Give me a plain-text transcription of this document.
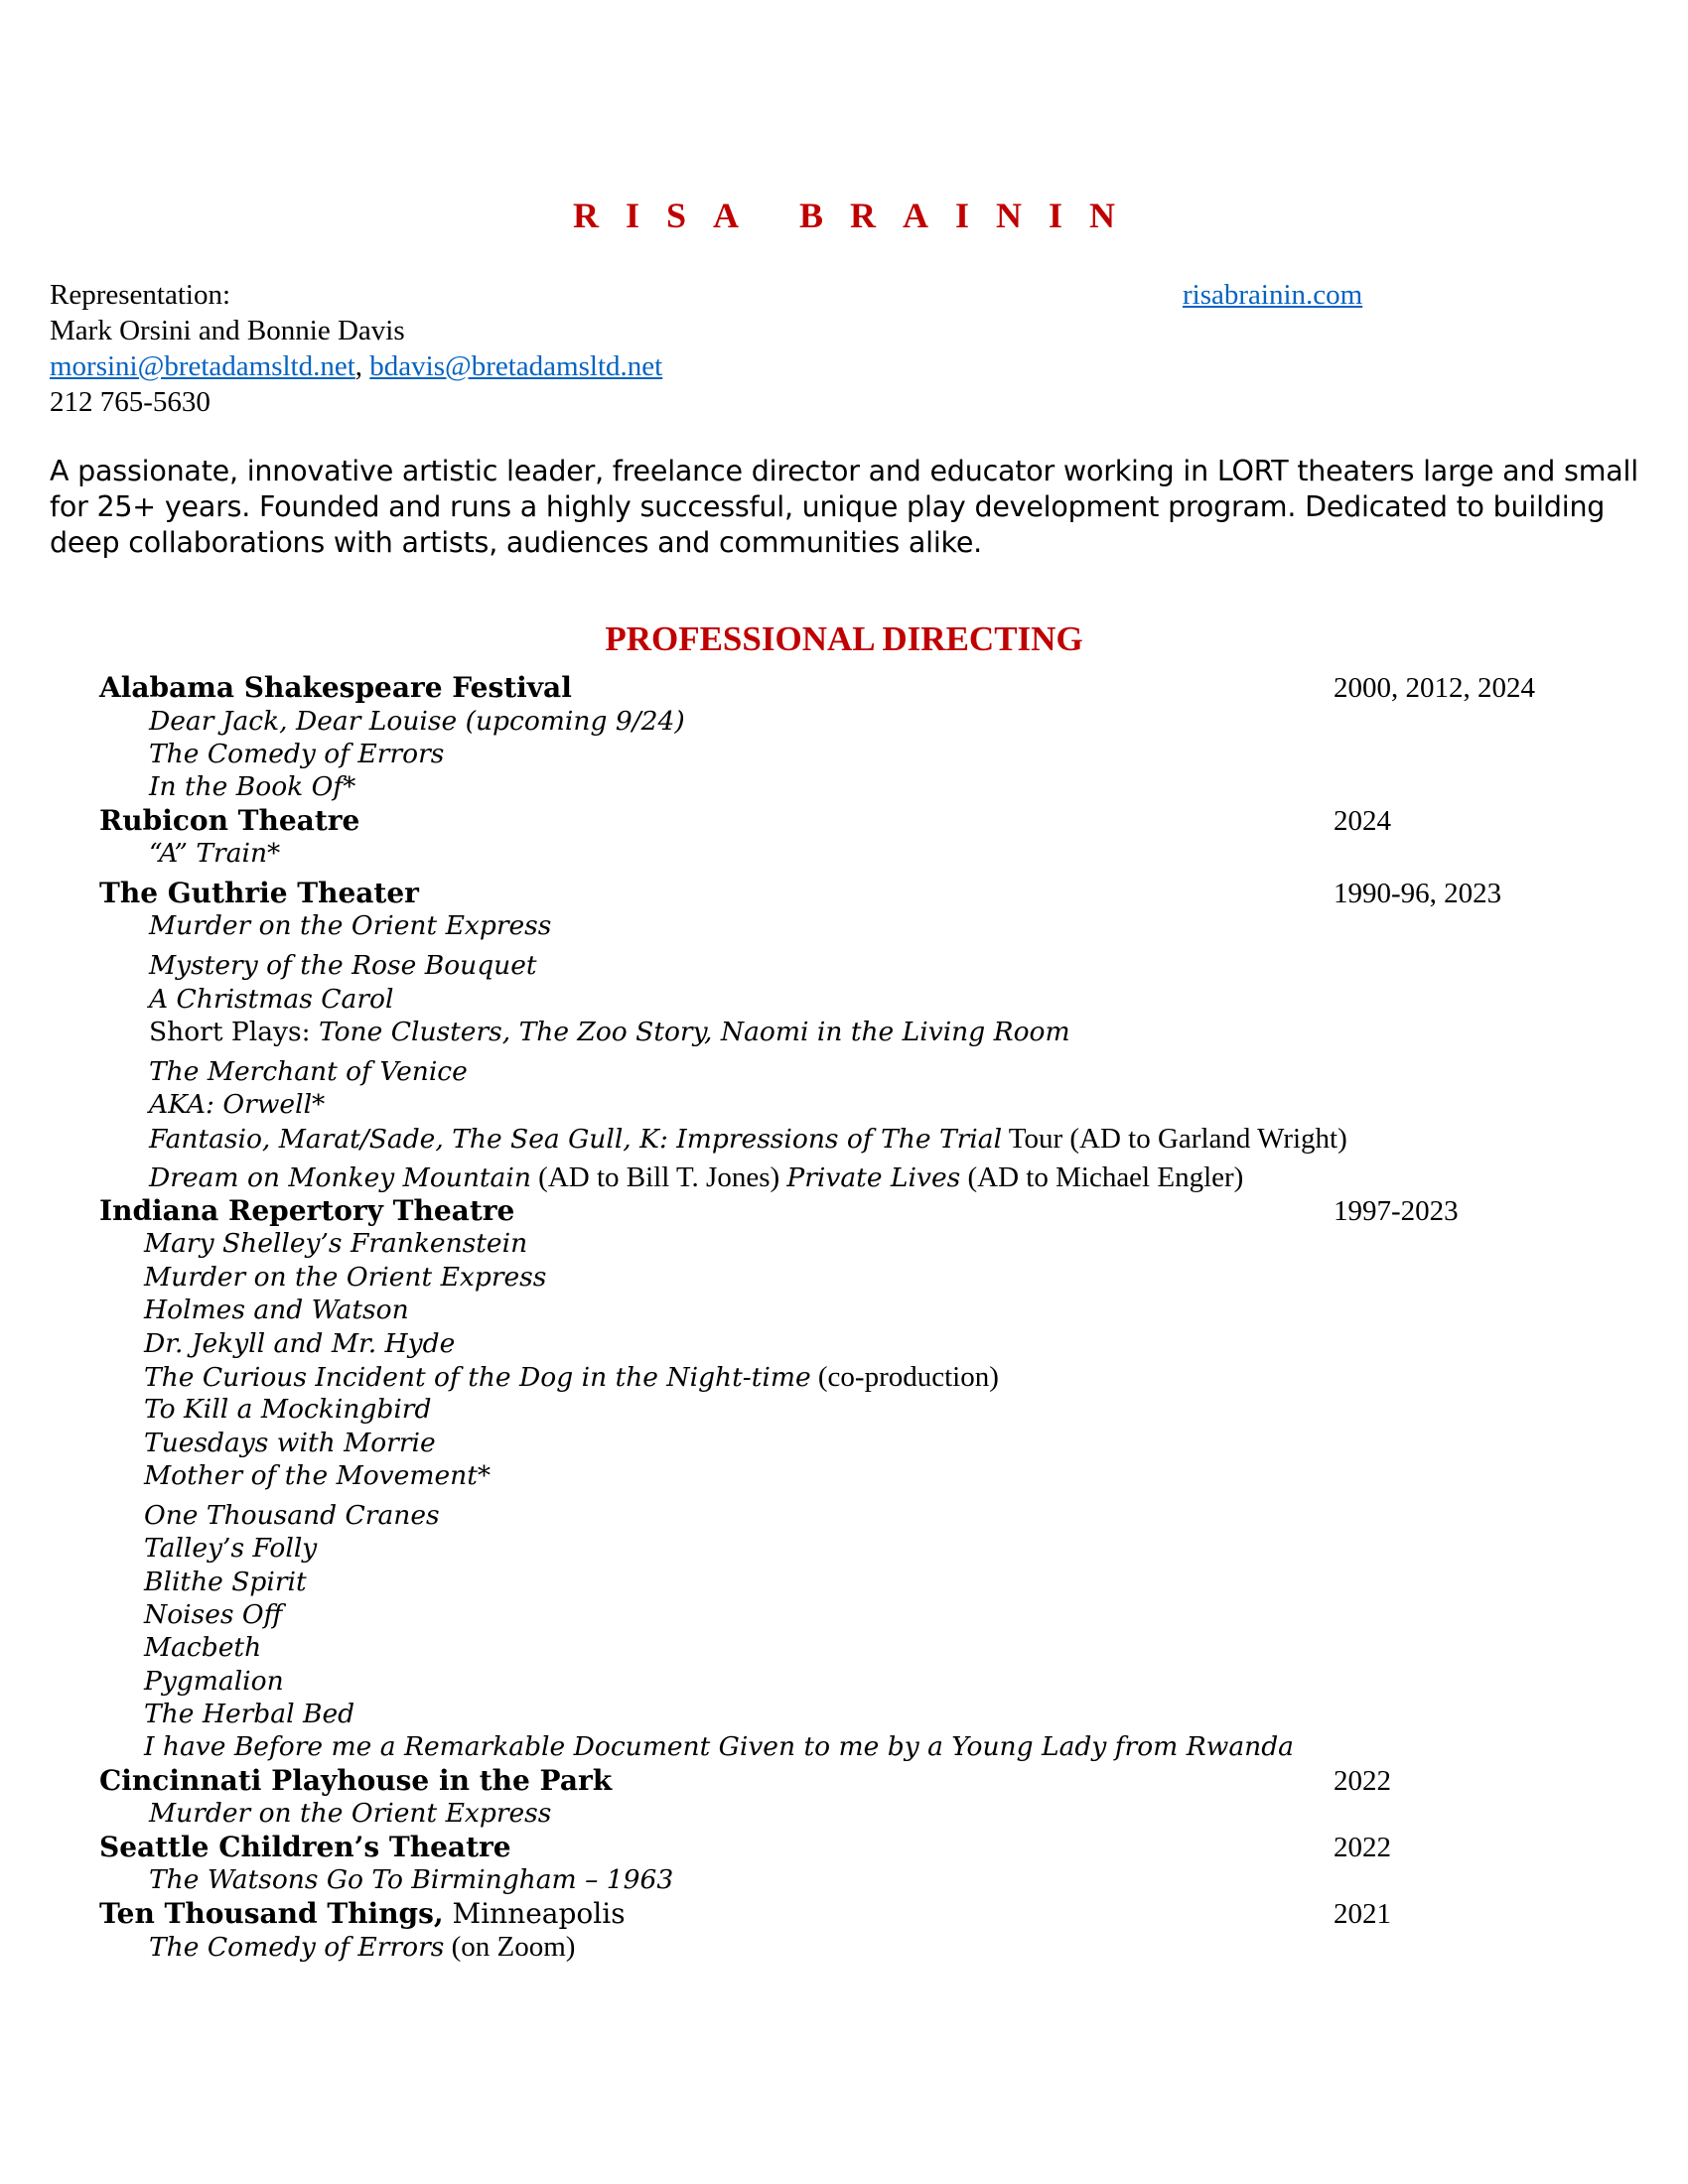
RISA BRAININ
Representation:
Mark Orsini and Bonnie Davis
morsini@bretadamsltd.net, bdavis@bretadamsltd.net
212 765-5630
risabrainin.com
A passionate, innovative artistic leader, freelance director and educator working in LORT theaters large and small for 25+ years. Founded and runs a highly successful, unique play development program. Dedicated to building deep collaborations with artists, audiences and communities alike.
PROFESSIONAL DIRECTING
Alabama Shakespeare Festival	2000, 2012, 2024
Dear Jack, Dear Louise (upcoming 9/24)
The Comedy of Errors
In the Book Of*
Rubicon Theatre	2024
“A” Train*
The Guthrie Theater	1990-96, 2023
Murder on the Orient Express
Mystery of the Rose Bouquet
A Christmas Carol
Short Plays: Tone Clusters, The Zoo Story, Naomi in the Living Room
The Merchant of Venice
AKA: Orwell*
Fantasio, Marat/Sade, The Sea Gull, K: Impressions of The Trial Tour (AD to Garland Wright)
Dream on Monkey Mountain (AD to Bill T. Jones) Private Lives (AD to Michael Engler)
Indiana Repertory Theatre	1997-2023
Mary Shelley’s Frankenstein
Murder on the Orient Express
Holmes and Watson
Dr. Jekyll and Mr. Hyde
The Curious Incident of the Dog in the Night-time (co-production)
To Kill a Mockingbird
Tuesdays with Morrie
Mother of the Movement*
One Thousand Cranes
Talley’s Folly
Blithe Spirit
Noises Off
Macbeth
Pygmalion
The Herbal Bed
I have Before me a Remarkable Document Given to me by a Young Lady from Rwanda
Cincinnati Playhouse in the Park	2022
Murder on the Orient Express
Seattle Children’s Theatre	2022
The Watsons Go To Birmingham – 1963
Ten Thousand Things, Minneapolis	2021
The Comedy of Errors (on Zoom)
